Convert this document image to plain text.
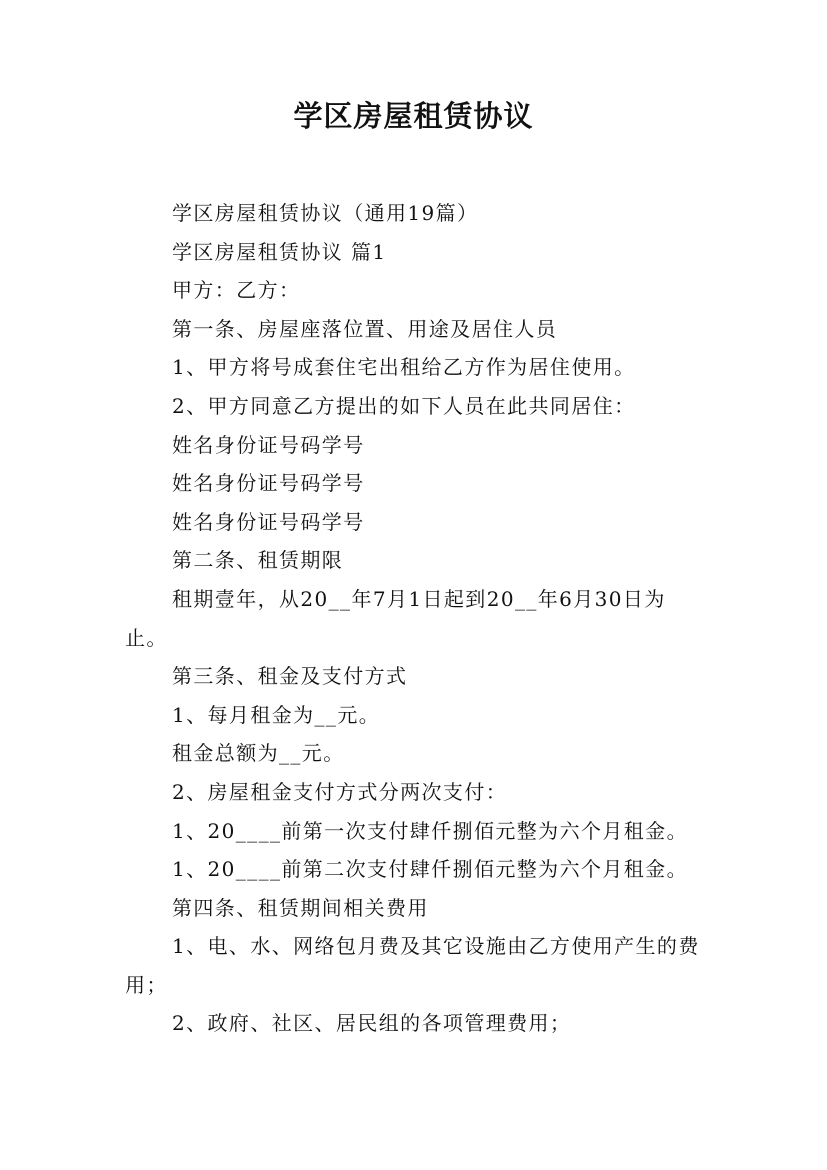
学区房屋租赁协议

学区房屋租赁协议（通用19篇）

学区房屋租赁协议 篇1

甲方：乙方：

第一条、房屋座落位置、用途及居住人员

1、甲方将号成套住宅出租给乙方作为居住使用。

2、甲方同意乙方提出的如下人员在此共同居住：

姓名身份证号码学号

姓名身份证号码学号

姓名身份证号码学号

第二条、租赁期限

租期壹年，从20__年7月1日起到20__年6月30日为止。

第三条、租金及支付方式

1、每月租金为__元。

租金总额为__元。

2、房屋租金支付方式分两次支付：

1、20____前第一次支付肆仟捌佰元整为六个月租金。

1、20____前第二次支付肆仟捌佰元整为六个月租金。

第四条、租赁期间相关费用

1、电、水、网络包月费及其它设施由乙方使用产生的费用；

2、政府、社区、居民组的各项管理费用；
